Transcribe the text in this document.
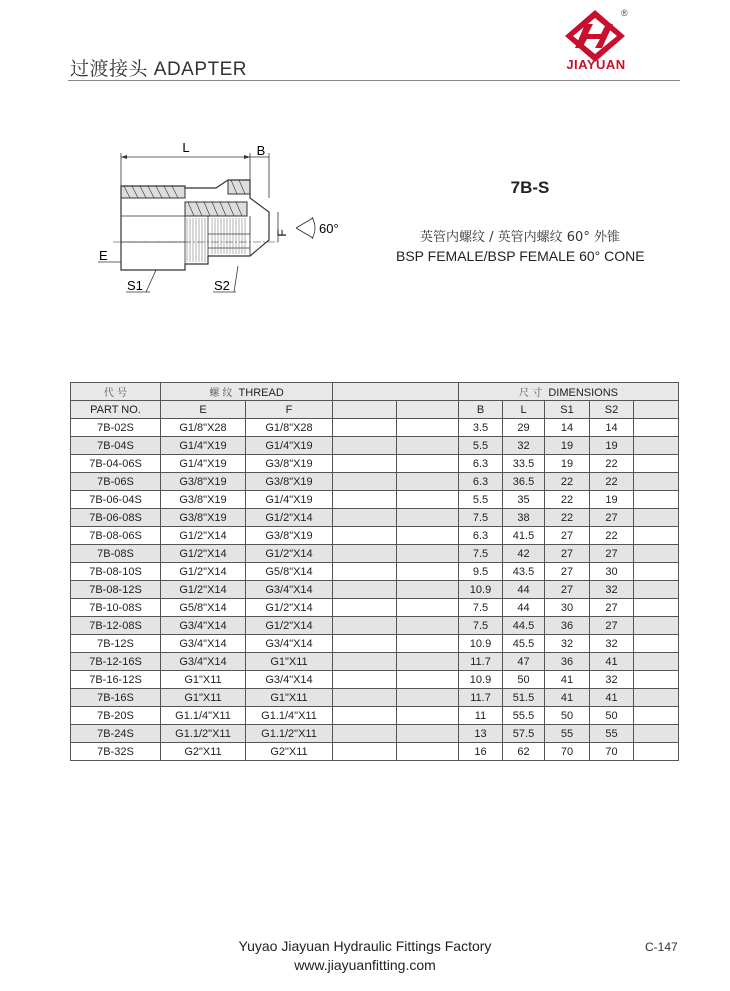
过渡接头 ADAPTER
®
JIAYUAN
L	B
F 60°
E
S1	S2
7B-S
英管内螺纹 / 英管内螺纹 60° 外锥
BSP FEMALE/BSP FEMALE 60° CONE
代 号	螺 纹 THREAD				尺 寸 DIMENSIONS				
PART NO.	E	F			B	L	S1	S2	
7B-02S	G1/8"X28	G1/8"X28			3.5	29	14	14	
7B-04S	G1/4"X19	G1/4"X19			5.5	32	19	19	
7B-04-06S	G1/4"X19	G3/8"X19			6.3	33.5	19	22	
7B-06S	G3/8"X19	G3/8"X19			6.3	36.5	22	22	
7B-06-04S	G3/8"X19	G1/4"X19			5.5	35	22	19	
7B-06-08S	G3/8"X19	G1/2"X14			7.5	38	22	27	
7B-08-06S	G1/2"X14	G3/8"X19			6.3	41.5	27	22	
7B-08S	G1/2"X14	G1/2"X14			7.5	42	27	27	
7B-08-10S	G1/2"X14	G5/8"X14			9.5	43.5	27	30	
7B-08-12S	G1/2"X14	G3/4"X14			10.9	44	27	32	
7B-10-08S	G5/8"X14	G1/2"X14			7.5	44	30	27	
7B-12-08S	G3/4"X14	G1/2"X14			7.5	44.5	36	27	
7B-12S	G3/4"X14	G3/4"X14			10.9	45.5	32	32	
7B-12-16S	G3/4"X14	G1"X11			11.7	47	36	41	
7B-16-12S	G1"X11	G3/4"X14			10.9	50	41	32	
7B-16S	G1"X11	G1"X11			11.7	51.5	41	41	
7B-20S	G1.1/4"X11	G1.1/4"X11			11	55.5	50	50	
7B-24S	G1.1/2"X11	G1.1/2"X11			13	57.5	55	55	
7B-32S	G2"X11	G2"X11			16	62	70	70	
Yuyao Jiayuan Hydraulic Fittings Factory
www.jiayuanfitting.com
C-147
